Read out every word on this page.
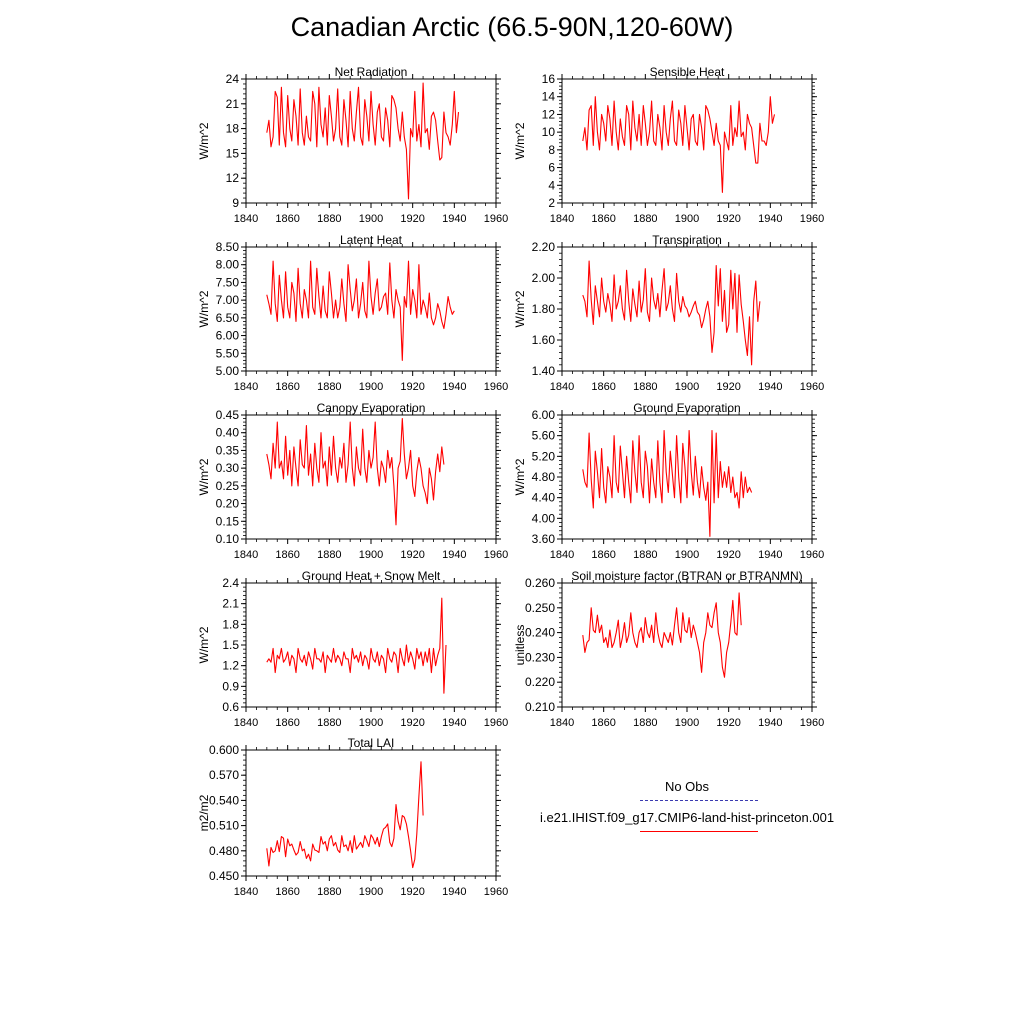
Canadian Arctic (66.5-90N,120-60W)
Net Radiation
W/m^2
1840 1860 1880 1900 1920 1940 1960
9
12
15
18
21
24	Sensible Heat
W/m^2
1840 1860 1880 1900 1920 1940 1960
2
4
6
8
10
12
14
16
Latent Heat
W/m^2
1840 1860 1880 1900 1920 1940 1960
5.00
5.50
6.00
6.50
7.00
7.50
8.00
8.50	Transpiration
W/m^2
1840 1860 1880 1900 1920 1940 1960
1.40
1.60
1.80
2.00
2.20
Canopy Evaporation
W/m^2
1840 1860 1880 1900 1920 1940 1960
0.10
0.15
0.20
0.25
0.30
0.35
0.40
0.45	Ground Evaporation
W/m^2
1840 1860 1880 1900 1920 1940 1960
3.60
4.00
4.40
4.80
5.20
5.60
6.00
Ground Heat + Snow Melt
W/m^2
1840 1860 1880 1900 1920 1940 1960
0.6
0.9
1.2
1.5
1.8
2.1
2.4	Soil moisture factor (BTRAN or BTRANMN)
unitless
1840 1860 1880 1900 1920 1940 1960
0.210
0.220
0.230
0.240
0.250
0.260
Total LAI
m2/m2
1840 1860 1880 1900 1920 1940 1960
0.450
0.480
0.510
0.540
0.570
0.600
No Obs
i.e21.IHIST.f09_g17.CMIP6-land-hist-princeton.001
